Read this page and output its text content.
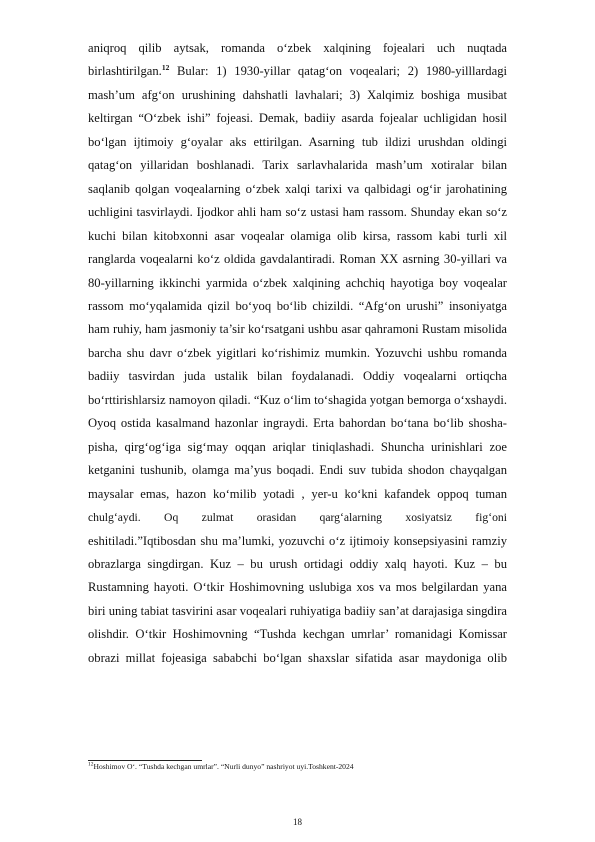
aniqroq qilib aytsak, romanda o‘zbek xalqining fojealari uch nuqtada
birlashtirilgan.$^{12}$ Bular: 1) 1930-yillar qatag‘on voqealari; 2) 1980-yilllardagi
mash’um afg‘on urushining dahshatli lavhalari; 3) Xalqimiz boshiga musibat
keltirgan “O‘zbek ishi” fojeasi. Demak, badiiy asarda fojealar uchligidan hosil
bo‘lgan ijtimoiy g‘oyalar aks ettirilgan. Asarning tub ildizi urushdan oldingi
qatag‘on yillaridan boshlanadi. Tarix sarlavhalarida mash’um xotiralar bilan
saqlanib qolgan voqealarning o‘zbek xalqi tarixi va qalbidagi og‘ir jarohatining
uchligini tasvirlaydi. Ijodkor ahli ham so‘z ustasi ham rassom. Shunday ekan so‘z
kuchi bilan kitobxonni asar voqealar olamiga olib kirsa, rassom kabi turli xil
ranglarda voqealarni ko‘z oldida gavdalantiradi. Roman XX asrning 30-yillari va
80-yillarning ikkinchi yarmida o‘zbek xalqining achchiq hayotiga boy voqealar
rassom mo‘yqalamida qizil bo‘yoq bo‘lib chizildi. “Afg‘on urushi” insoniyatga
ham ruhiy, ham jasmoniy ta’sir ko‘rsatgani ushbu asar qahramoni Rustam misolida
barcha shu davr o‘zbek yigitlari ko‘rishimiz mumkin. Yozuvchi ushbu romanda
badiiy tasvirdan juda ustalik bilan foydalanadi. Oddiy voqealarni ortiqcha
bo‘rttirishlarsiz namoyon qiladi. “Kuz o‘lim to‘shagida yotgan bemorga o‘xshaydi.
Oyoq ostida kasalmand hazonlar ingraydi. Erta bahordan bo‘tana bo‘lib shosha-
pisha, qirg‘og‘iga sig‘may oqqan ariqlar tiniqlashadi. Shuncha urinishlari zoe
ketganini tushunib, olamga ma’yus boqadi. Endi suv tubida shodon chayqalgan
maysalar emas, hazon ko‘milib yotadi , yer-u ko‘kni kafandek oppoq tuman
chulg‘aydi.        Oq        zulmat        orasidan        qarg‘alarning        xosiyatsiz        fig‘oni
eshitiladi.”Iqtibosdan shu ma’lumki, yozuvchi o‘z ijtimoiy konsepsiyasini ramziy
obrazlarga singdirgan. Kuz – bu urush ortidagi oddiy xalq hayoti. Kuz – bu
Rustamning hayoti. O‘tkir Hoshimovning uslubiga xos va mos belgilardan yana
biri uning tabiat tasvirini asar voqealari ruhiyatiga badiiy san’at darajasiga singdira
olishdir. O‘tkir Hoshimovning “Tushda kechgan umrlar’ romanidagi Komissar
obrazi millat fojeasiga sababchi bo‘lgan shaxslar sifatida asar maydoniga olib
$^{12}$Hoshimov O‘. “Tushda kechgan umrlar”. “Nurli dunyo” nashriyot uyi.Toshkent-2024
18
